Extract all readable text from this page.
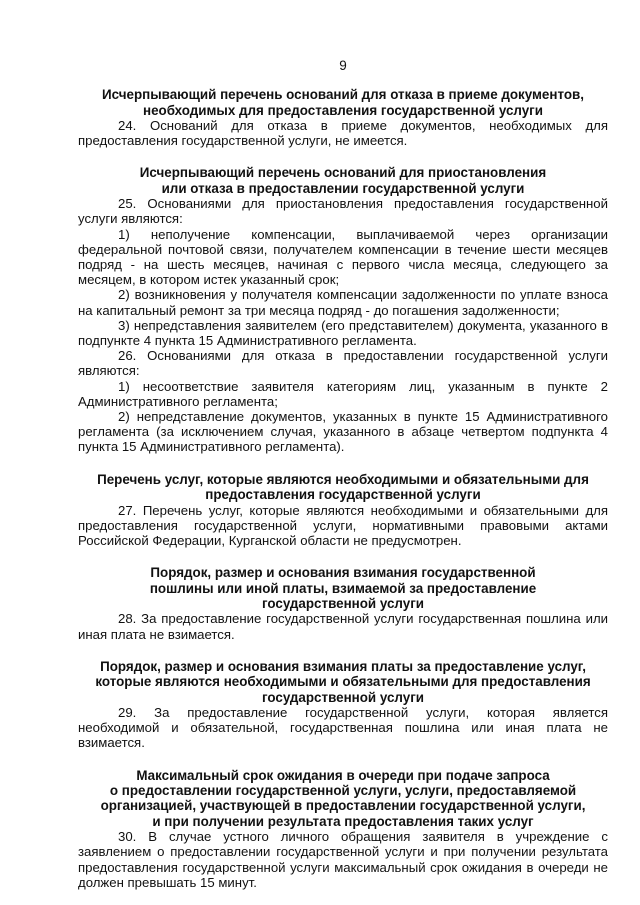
9
Исчерпывающий перечень оснований для отказа в приеме документов,
необходимых для предоставления государственной услуги

24. Оснований для отказа в приеме документов, необходимых для предоставления государственной услуги, не имеется.

Исчерпывающий перечень оснований для приостановления
или отказа в предоставлении государственной услуги

25. Основаниями для приостановления предоставления государственной услуги являются:

1) неполучение компенсации, выплачиваемой через организации федеральной почтовой связи, получателем компенсации в течение шести месяцев подряд - на шесть месяцев, начиная с первого числа месяца, следующего за месяцем, в котором истек указанный срок;

2) возникновения у получателя компенсации задолженности по уплате взноса на капитальный ремонт за три месяца подряд - до погашения задолженности;

3) непредставления заявителем (его представителем) документа, указанного в подпункте 4 пункта 15 Административного регламента.

26. Основаниями для отказа в предоставлении государственной услуги являются:

1) несоответствие заявителя категориям лиц, указанным в пункте 2 Административного регламента;

2) непредставление документов, указанных в пункте 15 Административного регламента (за исключением случая, указанного в абзаце четвертом подпункта 4 пункта 15 Административного регламента).

Перечень услуг, которые являются необходимыми и обязательными для
предоставления государственной услуги

27. Перечень услуг, которые являются необходимыми и обязательными для предоставления государственной услуги, нормативными правовыми актами Российской Федерации, Курганской области не предусмотрен.

Порядок, размер и основания взимания государственной
пошлины или иной платы, взимаемой за предоставление
государственной услуги

28. За предоставление государственной услуги государственная пошлина или иная плата не взимается.

Порядок, размер и основания взимания платы за предоставление услуг,
которые являются необходимыми и обязательными для предоставления
государственной услуги

29. За предоставление государственной услуги, которая является необходимой и обязательной, государственная пошлина или иная плата не взимается.

Максимальный срок ожидания в очереди при подаче запроса
о предоставлении государственной услуги, услуги, предоставляемой
организацией, участвующей в предоставлении государственной услуги,
и при получении результата предоставления таких услуг

30. В случае устного личного обращения заявителя в учреждение с заявлением о предоставлении государственной услуги и при получении результата предоставления государственной услуги максимальный срок ожидания в очереди не должен превышать 15 минут.
